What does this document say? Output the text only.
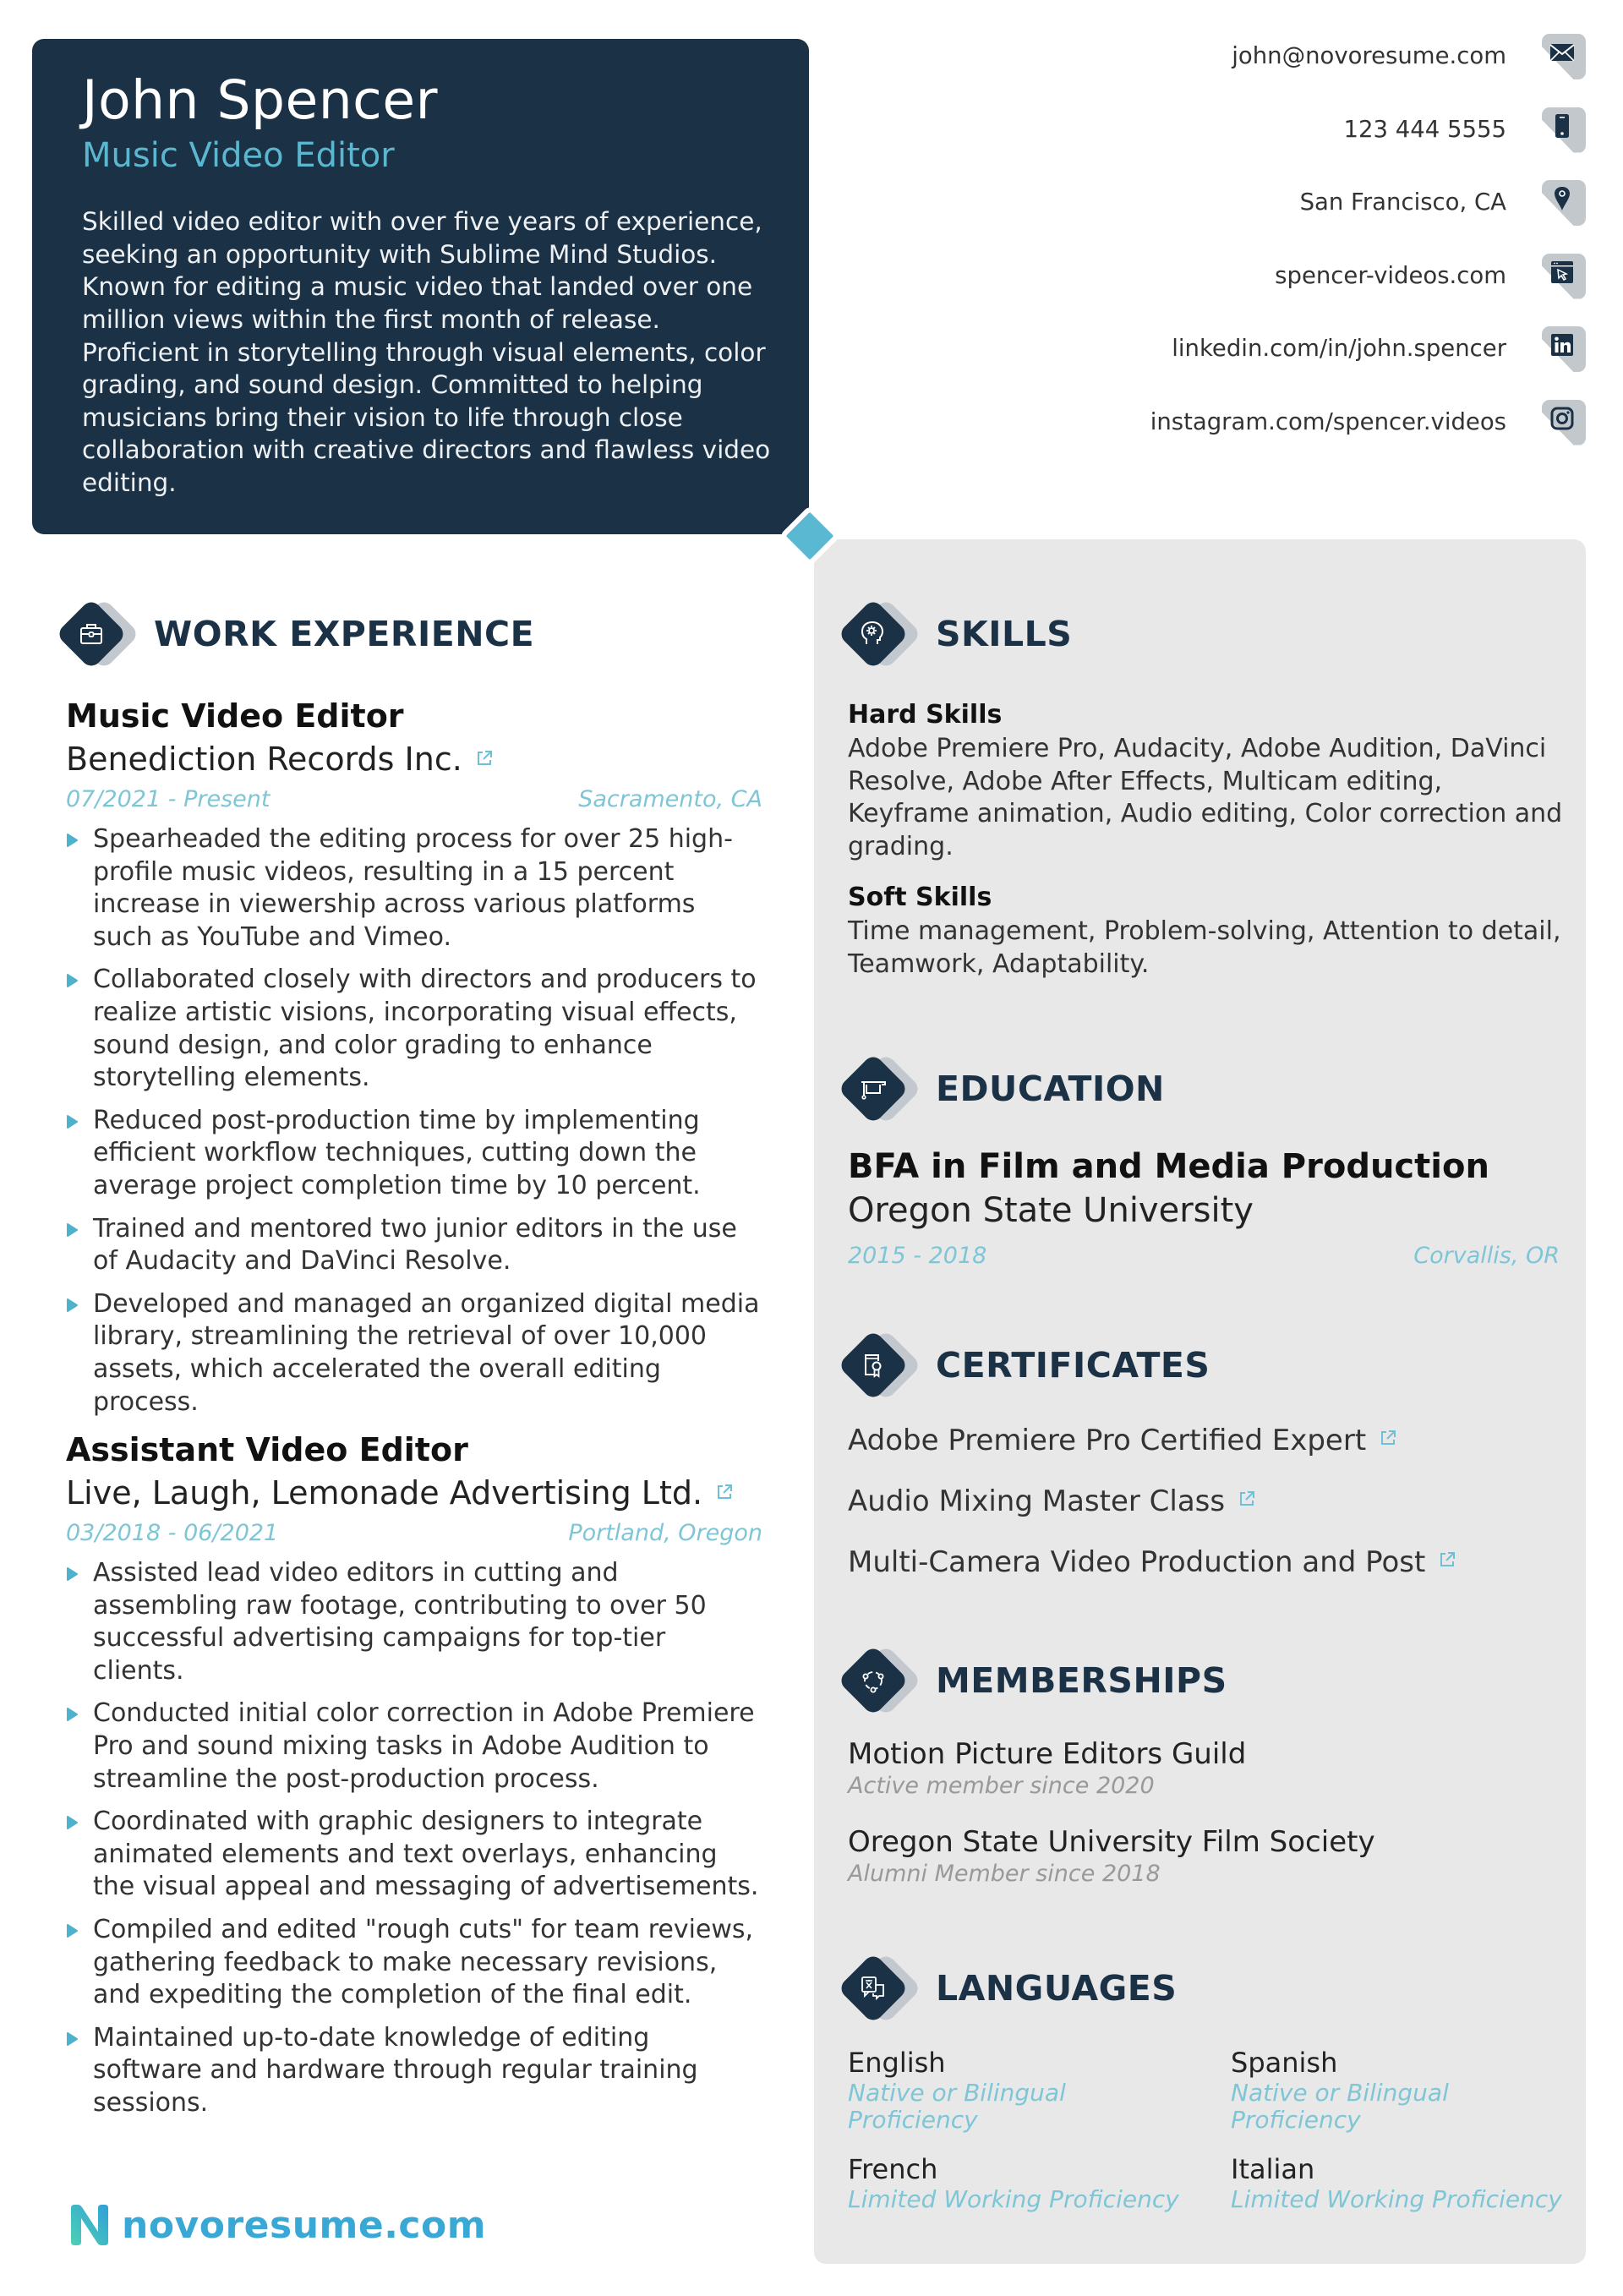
John Spencer
Music Video Editor
Skilled video editor with over five years of experience, seeking an opportunity with Sublime Mind Studios. Known for editing a music video that landed over one million views within the first month of release. Proficient in storytelling through visual elements, color grading, and sound design. Committed to helping musicians bring their vision to life through close collaboration with creative directors and flawless video editing.
john@novoresume.com
123 444 5555
San Francisco, CA
spencer-videos.com
linkedin.com/in/john.spencer
instagram.com/spencer.videos
WORK EXPERIENCE
Music Video Editor
Benediction Records Inc.
07/2021 - Present	Sacramento, CA
Spearheaded the editing process for over 25 high-profile music videos, resulting in a 15 percent increase in viewership across various platforms such as YouTube and Vimeo.
Collaborated closely with directors and producers to realize artistic visions, incorporating visual effects, sound design, and color grading to enhance storytelling elements.
Reduced post-production time by implementing efficient workflow techniques, cutting down the average project completion time by 10 percent.
Trained and mentored two junior editors in the use of Audacity and DaVinci Resolve.
Developed and managed an organized digital media library, streamlining the retrieval of over 10,000 assets, which accelerated the overall editing process.
Assistant Video Editor
Live, Laugh, Lemonade Advertising Ltd.
03/2018 - 06/2021	Portland, Oregon
Assisted lead video editors in cutting and assembling raw footage, contributing to over 50 successful advertising campaigns for top-tier clients.
Conducted initial color correction in Adobe Premiere Pro and sound mixing tasks in Adobe Audition to streamline the post-production process.
Coordinated with graphic designers to integrate animated elements and text overlays, enhancing the visual appeal and messaging of advertisements.
Compiled and edited "rough cuts" for team reviews, gathering feedback to make necessary revisions, and expediting the completion of the final edit.
Maintained up-to-date knowledge of editing software and hardware through regular training sessions.
SKILLS
Hard Skills
Adobe Premiere Pro, Audacity, Adobe Audition, DaVinci Resolve, Adobe After Effects, Multicam editing, Keyframe animation, Audio editing, Color correction and grading.
Soft Skills
Time management, Problem-solving, Attention to detail, Teamwork, Adaptability.
EDUCATION
BFA in Film and Media Production
Oregon State University
2015 - 2018	Corvallis, OR
CERTIFICATES
Adobe Premiere Pro Certified Expert
Audio Mixing Master Class
Multi-Camera Video Production and Post
MEMBERSHIPS
Motion Picture Editors Guild
Active member since 2020
Oregon State University Film Society
Alumni Member since 2018
LANGUAGES
English
Native or Bilingual Proficiency
Spanish
Native or Bilingual Proficiency
French
Limited Working Proficiency
Italian
Limited Working Proficiency
novoresume.com
